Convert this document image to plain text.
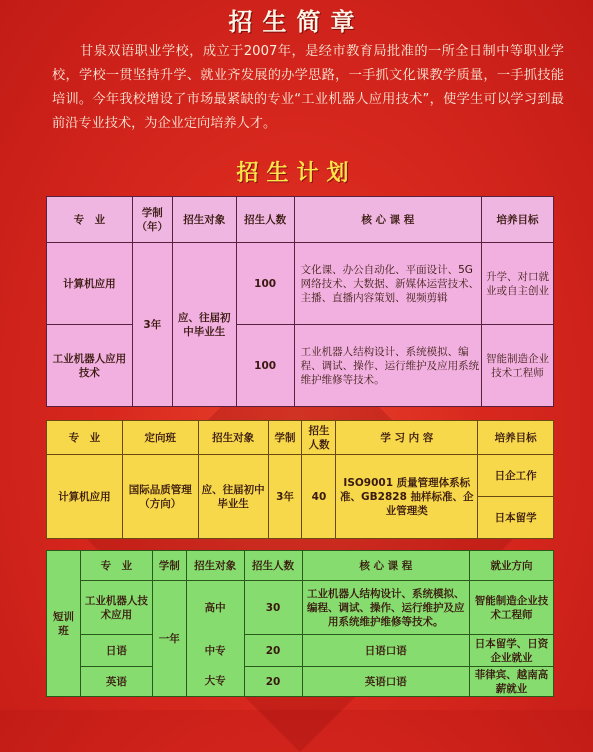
招生简章
甘泉双语职业学校，成立于2007年，是经市教育局批准的一所全日制中等职业学校，学校一贯坚持升学、就业齐发展的办学思路，一手抓文化课教学质量，一手抓技能培训。今年我校增设了市场最紧缺的专业“工业机器人应用技术”，使学生可以学习到最前沿专业技术，为企业定向培养人才。
招生计划
专　业	学制（年）	招生对象	招生人数	核 心 课 程	培养目标
计算机应用	3年	应、往届初中毕业生	100	文化课、办公自动化、平面设计、5G 网络技术、大数据、新媒体运营技术、主播、直播内容策划、视频剪辑	升学、对口就业或自主创业
工业机器人应用技术			100	工业机器人结构设计、系统模拟、编程、调试、操作、运行维护及应用系统维护维修等技术。	智能制造企业技术工程师
专　业	定向班	招生对象	学制	招生人数	学 习 内 容	培养目标
计算机应用	国际品质管理（方向）	应、往届初中毕业生	3年	40	ISO9001 质量管理体系标准、GB2828 抽样标准、企业管理类	日企工作
						日本留学
短训班	专　业	学制	招生对象	招生人数	核 心 课 程	就业方向
	工业机器人技术应用	一年	高中	30	工业机器人结构设计、系统模拟、编程、调试、操作、运行维护及应用系统维护维修等技术。	智能制造企业技术工程师
	日语		中专	20	日语口语	日本留学、日资企业就业
	英语		大专	20	英语口语	菲律宾、越南高薪就业
